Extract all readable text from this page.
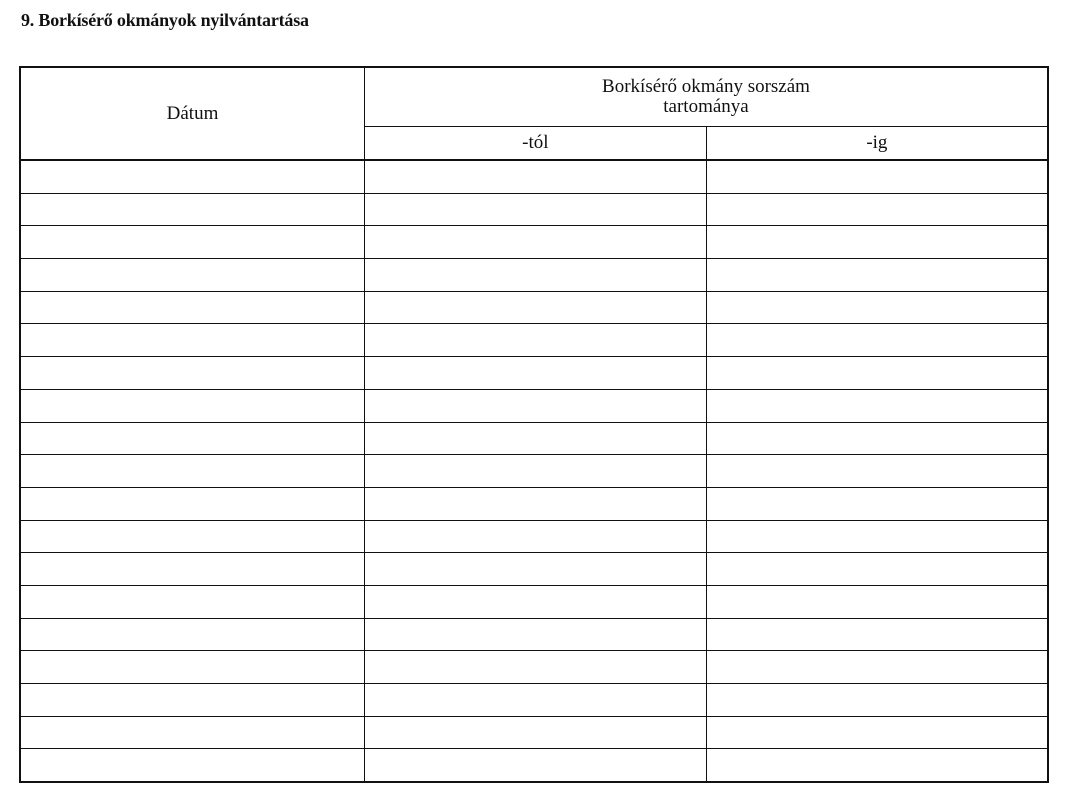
9. Borkísérő okmányok nyilvántartása
Dátum	Borkísérő okmány sorszám
tartománya	

	-tól	-ig
